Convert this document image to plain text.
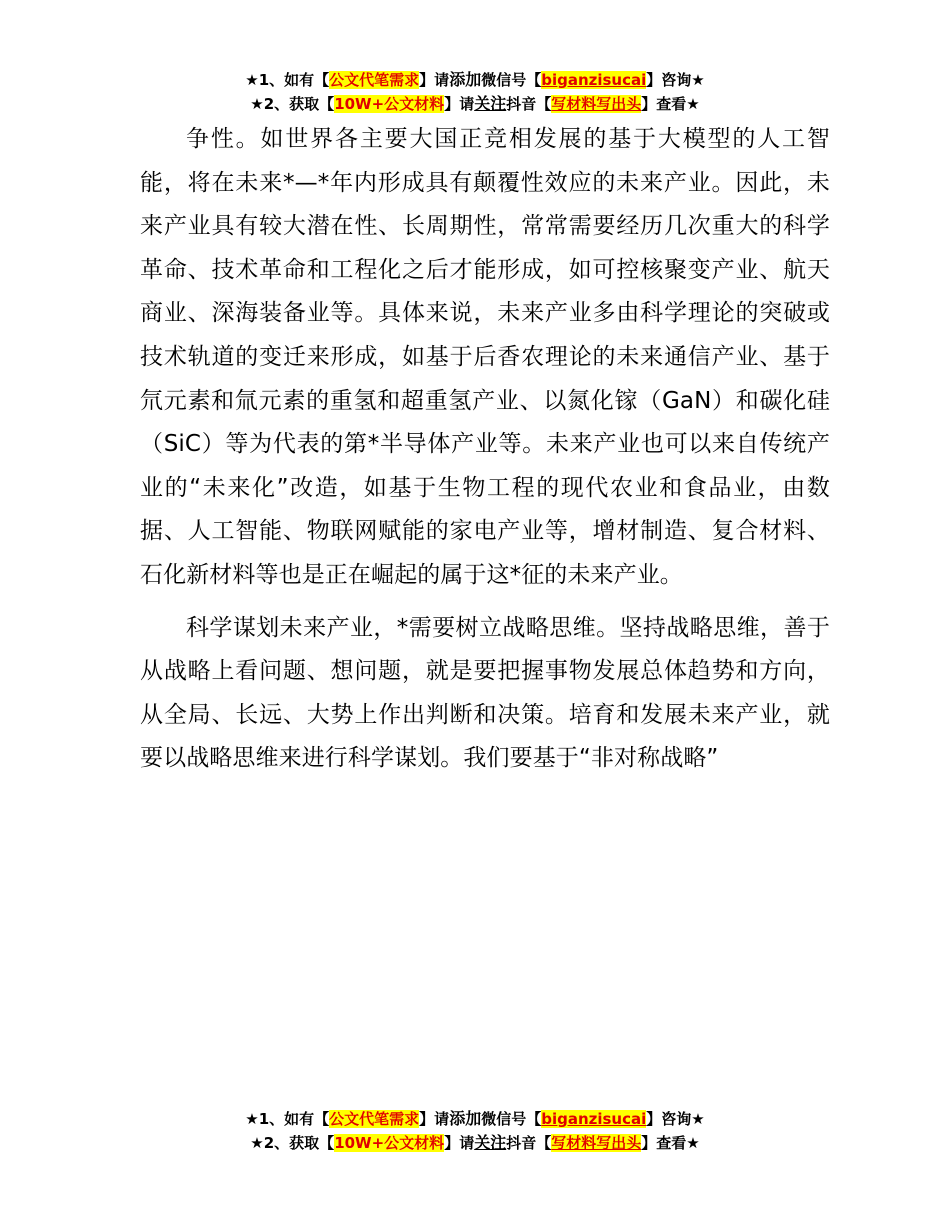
★1、如有【公文代笔需求】请添加微信号【biganzisucai】咨询★
★2、获取【10W+公文材料】请关注抖音【写材料写出头】查看★

争性。如世界各主要大国正竞相发展的基于大模型的人工智能，将在未来*—*年内形成具有颠覆性效应的未来产业。因此，未来产业具有较大潜在性、长周期性，常常需要经历几次重大的科学革命、技术革命和工程化之后才能形成，如可控核聚变产业、航天商业、深海装备业等。具体来说，未来产业多由科学理论的突破或技术轨道的变迁来形成，如基于后香农理论的未来通信产业、基于氘元素和氚元素的重氢和超重氢产业、以氮化镓（GaN）和碳化硅（SiC）等为代表的第*半导体产业等。未来产业也可以来自传统产业的“未来化”改造，如基于生物工程的现代农业和食品业，由数据、人工智能、物联网赋能的家电产业等，增材制造、复合材料、石化新材料等也是正在崛起的属于这*征的未来产业。

科学谋划未来产业，*需要树立战略思维。坚持战略思维，善于从战略上看问题、想问题，就是要把握事物发展总体趋势和方向，从全局、长远、大势上作出判断和决策。培育和发展未来产业，就要以战略思维来进行科学谋划。我们要基于“非对称战略”

★1、如有【公文代笔需求】请添加微信号【biganzisucai】咨询★
★2、获取【10W+公文材料】请关注抖音【写材料写出头】查看★
